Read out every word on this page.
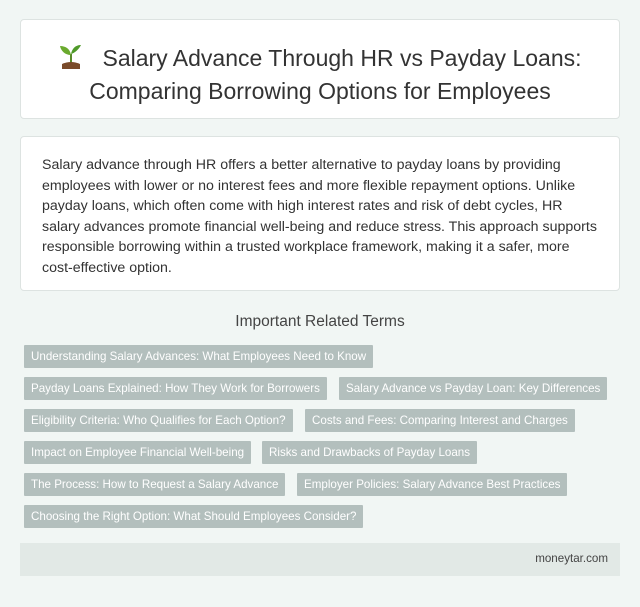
Salary Advance Through HR vs Payday Loans:
Comparing Borrowing Options for Employees

Salary advance through HR offers a better alternative to payday loans by providing employees with lower or no interest fees and more flexible repayment options. Unlike payday loans, which often come with high interest rates and risk of debt cycles, HR salary advances promote financial well-being and reduce stress. This approach supports responsible borrowing within a trusted workplace framework, making it a safer, more cost-effective option.

Important Related Terms
Understanding Salary Advances: What Employees Need to Know
Payday Loans Explained: How They Work for Borrowers	Salary Advance vs Payday Loan: Key Differences
Eligibility Criteria: Who Qualifies for Each Option?	Costs and Fees: Comparing Interest and Charges
Impact on Employee Financial Well-being	Risks and Drawbacks of Payday Loans
The Process: How to Request a Salary Advance	Employer Policies: Salary Advance Best Practices
Choosing the Right Option: What Should Employees Consider?
moneytar.com
